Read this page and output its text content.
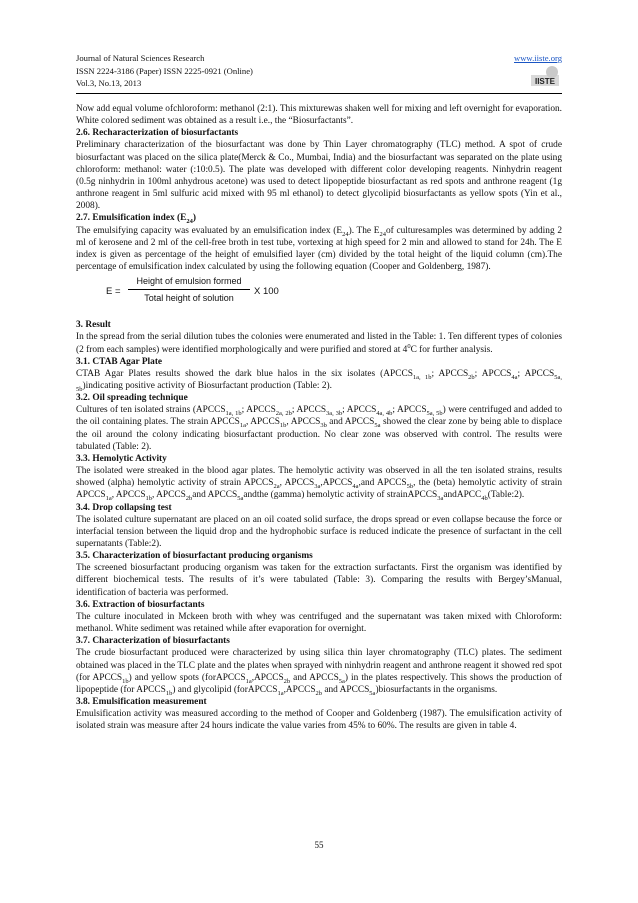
Journal of Natural Sciences Research
ISSN 2224-3186 (Paper) ISSN 2225-0921 (Online)
Vol.3, No.13, 2013
www.iiste.org
IISTE

Now add equal volume ofchloroform: methanol (2:1). This mixturewas shaken well for mixing and left overnight for evaporation. White colored sediment was obtained as a result i.e., the “Biosurfactants”.

2.6. Recharacterization of biosurfactants

Preliminary characterization of the biosurfactant was done by Thin Layer chromatography (TLC) method. A spot of crude biosurfactant was placed on the silica plate(Merck & Co., Mumbai, India) and the biosurfactant was separated on the plate using chloroform: methanol: water (:10:0.5). The plate was developed with different color developing reagents. Ninhydrin reagent (0.5g ninhydrin in 100ml anhydrous acetone) was used to detect lipopeptide biosurfactant as red spots and anthrone reagent (1g anthrone reagent in 5ml sulfuric acid mixed with 95 ml ethanol) to detect glycolipid biosurfactants as yellow spots (Yin et al., 2008).

2.7. Emulsification index $(E_{24})$

The emulsifying capacity was evaluated by an emulsification index $(E_{24})$. The $E_{24}of$ culturesamples was determined by adding 2 ml of kerosene and 2 ml of the cell-free broth in test tube, vortexing at high speed for 2 min and allowed to stand for 24h. The E index is given as percentage of the height of emulsified layer (cm) divided by the total height of the liquid column (cm).The percentage of emulsification index calculated by using the following equation (Cooper and Goldenberg, 1987).

E =
Height of emulsion formed
Total height of solution
X 100

3. Result

In the spread from the serial dilution tubes the colonies were enumerated and listed in the Table: 1. Ten different types of colonies (2 from each samples) were identified morphologically and were purified and stored at $4^0C$ for further analysis.

3.1. CTAB Agar Plate

CTAB Agar Plates results showed the dark blue halos in the six isolates ($APCCS_{1a, 1b}$; $APCCS_{2b}$; $APCCS_{4a}$; $APCCS_{5a, 5b})indicating$ positive activity of Biosurfactant production (Table: 2).

3.2. Oil spreading technique

Cultures of ten isolated strains ($APCCS_{1a, 1b}$; $APCCS_{2a, 2b}$; $APCCS_{3a, 3b}$; $APCCS_{4a, 4b}$; $APCCS_{5a, 5b}$) were centrifuged and added to the oil containing plates. The strain $APCCS_{1a}$, $APCCS_{1b}$, $APCCS_{3b}$ and $APCCS_{5a}$ showed the clear zone by being able to displace the oil around the colony indicating biosurfactant production. No clear zone was observed with control. The results were tabulated (Table: 2).

3.3. Hemolytic Activity

The isolated were streaked in the blood agar plates. The hemolytic activity was observed in all the ten isolated strains, results showed (alpha) hemolytic activity of strain $APCCS_{2a}$, $APCCS_{3a},APCCS_{4a},and$ $APCCS_{5b}$, the (beta) hemolytic activity of strain $APCCS_{1a}$, $APCCS_{1b}$, $APCCS_{2b}and$ $APCCS_{5a}andthe$ (gamma) hemolytic activity of strainAPCCS$_{3a}$andAPCC$_{4b}$(Table:2).

3.4. Drop collapsing test

The isolated culture supernatant are placed on an oil coated solid surface, the drops spread or even collapse because the force or interfacial tension between the liquid drop and the hydrophobic surface is reduced indicate the presence of surfactant in the cell supernatants (Table:2).

3.5. Characterization of biosurfactant producing organisms

The screened biosurfactant producing organism was taken for the extraction surfactants. First the organism was identified by different biochemical tests. The results of it’s were tabulated (Table: 3). Comparing the results with Bergey’sManual, identification of bacteria was performed.

3.6. Extraction of biosurfactants

The culture inoculated in Mckeen broth with whey was centrifuged and the supernatant was taken mixed with Chloroform: methanol. White sediment was retained while after evaporation for overnight.

3.7. Characterization of biosurfactants

The crude biosurfactant produced were characterized by using silica thin layer chromatography (TLC) plates. The sediment obtained was placed in the TLC plate and the plates when sprayed with ninhydrin reagent and anthrone reagent it showed red spot (for $APCCS_{1b}$) and yellow spots ($forAPCCS_{1a},APCCS_{2b}$ and $APCCS_{5a}$) in the plates respectively. This shows the production of lipopeptide (for $APCCS_{1b}$) and glycolipid ($forAPCCS_{1a},APCCS_{2b}$ and $APCCS_{5a})biosurfactants$ in the organisms.

3.8. Emulsification measurement

Emulsification activity was measured according to the method of Cooper and Goldenberg (1987). The emulsification activity of isolated strain was measure after 24 hours indicate the value varies from 45% to 60%. The results are given in table 4.

55
